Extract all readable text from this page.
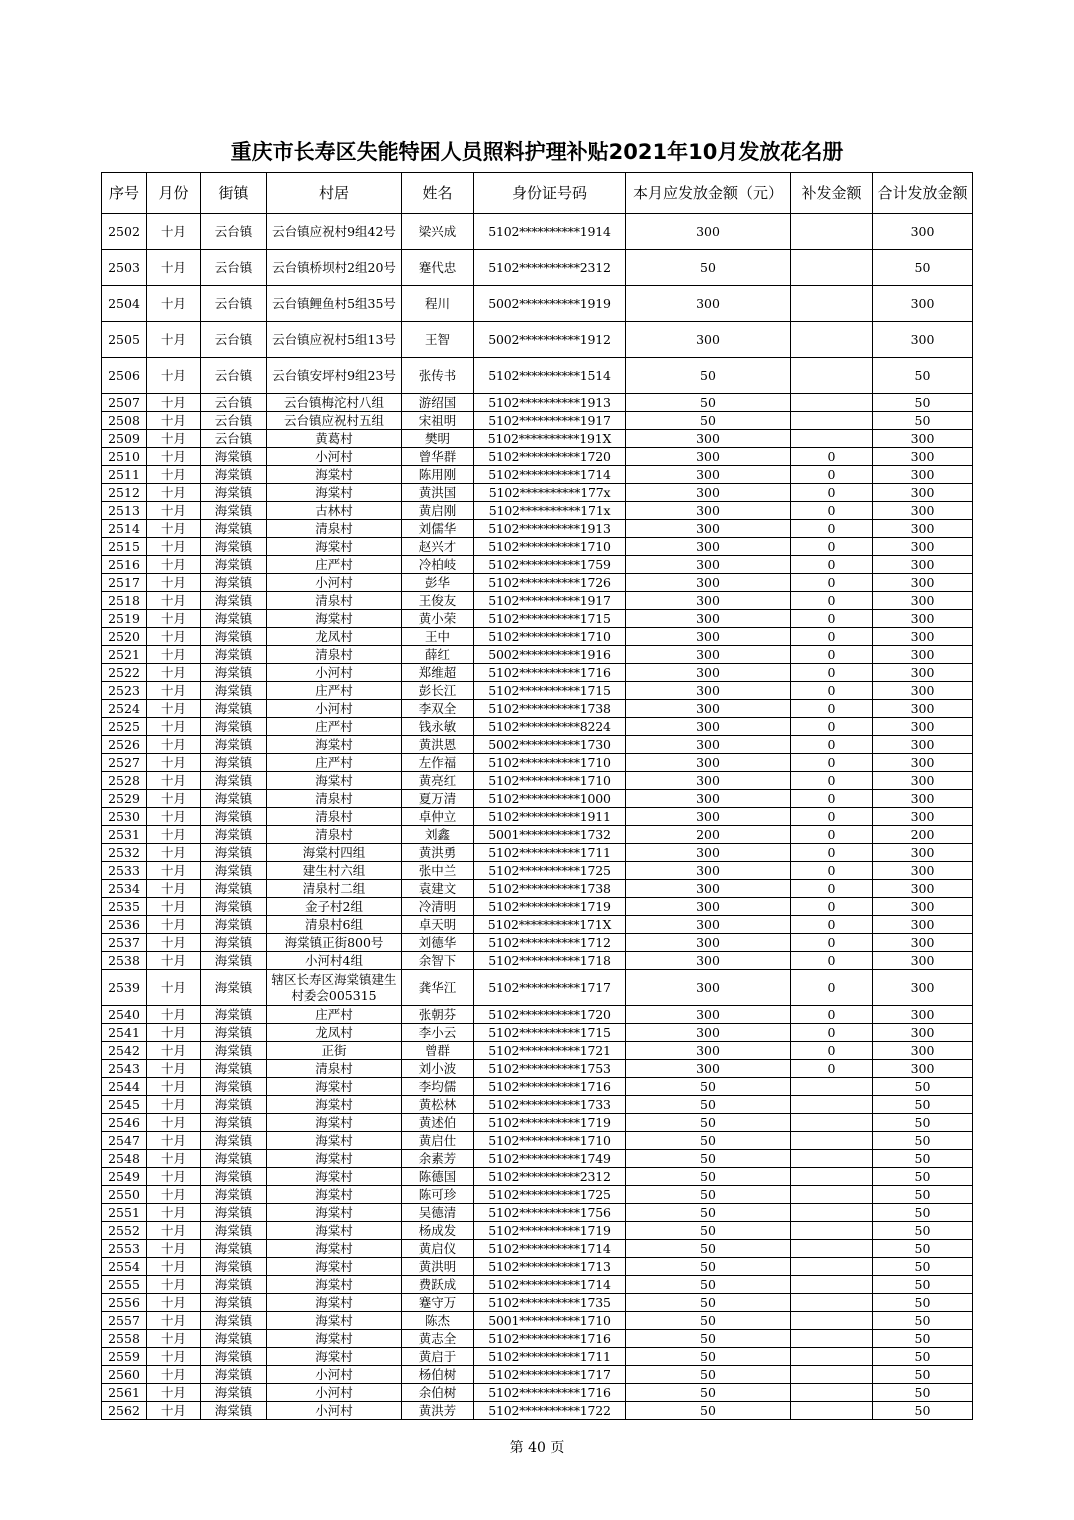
重庆市长寿区失能特困人员照料护理补贴2021年10月发放花名册
序号	月份	街镇	村居	姓名	身份证号码	本月应发放金额（元）	补发金额	合计发放金额
2502	十月	云台镇	云台镇应祝村9组42号	梁兴成	5102**********1914	300		300
2503	十月	云台镇	云台镇桥坝村2组20号	蹇代忠	5102**********2312	50		50
2504	十月	云台镇	云台镇鲤鱼村5组35号	程川	5002**********1919	300		300
2505	十月	云台镇	云台镇应祝村5组13号	王智	5002**********1912	300		300
2506	十月	云台镇	云台镇安坪村9组23号	张传书	5102**********1514	50		50
2507	十月	云台镇	云台镇梅沱村八组	游绍国	5102**********1913	50		50
2508	十月	云台镇	云台镇应祝村五组	宋祖明	5102**********1917	50		50
2509	十月	云台镇	黄葛村	樊明	5102**********191X	300		300
2510	十月	海棠镇	小河村	曾华群	5102**********1720	300	0	300
2511	十月	海棠镇	海棠村	陈用刚	5102**********1714	300	0	300
2512	十月	海棠镇	海棠村	黄洪国	5102**********177x	300	0	300
2513	十月	海棠镇	古林村	黄启刚	5102**********171x	300	0	300
2514	十月	海棠镇	清泉村	刘儒华	5102**********1913	300	0	300
2515	十月	海棠镇	海棠村	赵兴才	5102**********1710	300	0	300
2516	十月	海棠镇	庄严村	冷柏岐	5102**********1759	300	0	300
2517	十月	海棠镇	小河村	彭华	5102**********1726	300	0	300
2518	十月	海棠镇	清泉村	王俊友	5102**********1917	300	0	300
2519	十月	海棠镇	海棠村	黄小荣	5102**********1715	300	0	300
2520	十月	海棠镇	龙凤村	王中	5102**********1710	300	0	300
2521	十月	海棠镇	清泉村	薛红	5002**********1916	300	0	300
2522	十月	海棠镇	小河村	郑维超	5102**********1716	300	0	300
2523	十月	海棠镇	庄严村	彭长江	5102**********1715	300	0	300
2524	十月	海棠镇	小河村	李双全	5102**********1738	300	0	300
2525	十月	海棠镇	庄严村	钱永敏	5102**********8224	300	0	300
2526	十月	海棠镇	海棠村	黄洪恩	5002**********1730	300	0	300
2527	十月	海棠镇	庄严村	左作福	5102**********1710	300	0	300
2528	十月	海棠镇	海棠村	黄亮红	5102**********1710	300	0	300
2529	十月	海棠镇	清泉村	夏万清	5102**********1000	300	0	300
2530	十月	海棠镇	清泉村	卓仲立	5102**********1911	300	0	300
2531	十月	海棠镇	清泉村	刘鑫	5001**********1732	200	0	200
2532	十月	海棠镇	海棠村四组	黄洪勇	5102**********1711	300	0	300
2533	十月	海棠镇	建生村六组	张中兰	5102**********1725	300	0	300
2534	十月	海棠镇	清泉村二组	袁建文	5102**********1738	300	0	300
2535	十月	海棠镇	金子村2组	冷清明	5102**********1719	300	0	300
2536	十月	海棠镇	清泉村6组	卓天明	5102**********171X	300	0	300
2537	十月	海棠镇	海棠镇正街800号	刘德华	5102**********1712	300	0	300
2538	十月	海棠镇	小河村4组	余智下	5102**********1718	300	0	300
2539	十月	海棠镇	辖区长寿区海棠镇建生村委会005315	龚华江	5102**********1717	300	0	300
2540	十月	海棠镇	庄严村	张朝芬	5102**********1720	300	0	300
2541	十月	海棠镇	龙凤村	李小云	5102**********1715	300	0	300
2542	十月	海棠镇	正街	曾群	5102**********1721	300	0	300
2543	十月	海棠镇	清泉村	刘小波	5102**********1753	300	0	300
2544	十月	海棠镇	海棠村	李均儒	5102**********1716	50		50
2545	十月	海棠镇	海棠村	黄松林	5102**********1733	50		50
2546	十月	海棠镇	海棠村	黄述伯	5102**********1719	50		50
2547	十月	海棠镇	海棠村	黄启仕	5102**********1710	50		50
2548	十月	海棠镇	海棠村	余素芳	5102**********1749	50		50
2549	十月	海棠镇	海棠村	陈德国	5102**********2312	50		50
2550	十月	海棠镇	海棠村	陈可珍	5102**********1725	50		50
2551	十月	海棠镇	海棠村	吴德清	5102**********1756	50		50
2552	十月	海棠镇	海棠村	杨成发	5102**********1719	50		50
2553	十月	海棠镇	海棠村	黄启仪	5102**********1714	50		50
2554	十月	海棠镇	海棠村	黄洪明	5102**********1713	50		50
2555	十月	海棠镇	海棠村	费跃成	5102**********1714	50		50
2556	十月	海棠镇	海棠村	蹇守万	5102**********1735	50		50
2557	十月	海棠镇	海棠村	陈杰	5001**********1710	50		50
2558	十月	海棠镇	海棠村	黄志全	5102**********1716	50		50
2559	十月	海棠镇	海棠村	黄启于	5102**********1711	50		50
2560	十月	海棠镇	小河村	杨伯树	5102**********1717	50		50
2561	十月	海棠镇	小河村	余伯树	5102**********1716	50		50
2562	十月	海棠镇	小河村	黄洪芳	5102**********1722	50		50
第 40 页
